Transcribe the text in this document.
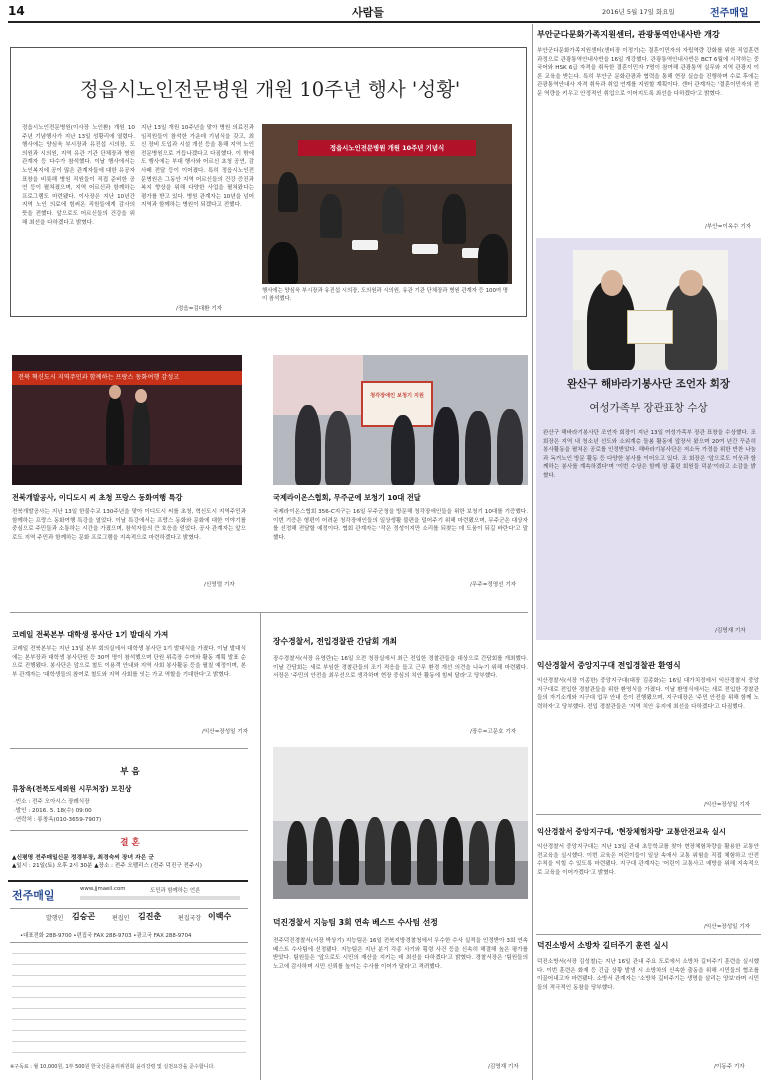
14	사람들	2016년 5월 17일 화요일	전주매일
정읍시노인전문병원 개원 10주년 행사 '성황'
정읍시노인전문병원(이사장 노인환) 개원 10주년 기념행사가 지난 13일 성황리에 열렸다. 행사에는 양심욱 부시장과 유진섭 시의장, 도의원과 시의원, 지역 유관 기관 단체장과 병원 관계자 등 다수가 참석했다. 이날 행사에서는 노인복지에 공이 많은 관계자들에 대한 유공자 표창을 비롯해 병원 직원들이 직접 준비한 공연 등이 펼쳐졌으며, 지역 어르신과 함께하는 프로그램도 마련됐다. 이사장은 지난 10년간 지역 노인 의료에 힘써온 직원들에게 감사의 뜻을 전했다. 앞으로도 어르신들의 건강을 위해 최선을 다하겠다고 밝혔다.
지난 13일 개원 10주년을 맞아 병원 의료진과 임직원들이 참석한 가운데 기념식을 갖고, 최신 장비 도입과 시설 개선 등을 통해 지역 노인 전문병원으로 거듭나겠다고 다짐했다. 이 밖에도 행사에는 부대 행사와 어르신 초청 공연, 감사패 전달 등이 이어졌다. 특히 정읍시노인전문병원은 그동안 지역 어르신들의 건강 증진과 복지 향상을 위해 다양한 사업을 펼쳐왔다는 평가를 받고 있다. 병원 관계자는 10년을 넘어 지역과 함께하는 병원이 되겠다고 전했다.
/정읍=김대환 기자
정읍시노인전문병원 개원 10주년 기념식
행사에는 양심욱 부시장과 유진섭 시의장, 도의원과 시의원, 유관 기관 단체장과 병원 관계자 등 100여 명이 참석했다.
부안군다문화가족지원센터, 관광통역안내사반 개강
부안군다문화가족지원센터(센터장 이정기)는 결혼이민자의 자립역량 강화를 위한 직업훈련 과정으로 관광통역안내사반을 16일 개강했다. 관광통역안내사반은 BCT 6월에 시작하는 중국어와 HSK 6급 자격을 취득한 결혼이민자 7명이 참여해 관광통역 실무와 지역 관광지 이론 교육을 받는다. 특히 부안군 문화관광과 협력을 통해 현장 실습을 진행하며 수료 후에는 관광통역안내사 자격 취득과 취업 연계를 지원할 계획이다. 센터 관계자는 '결혼이민자의 전문 역량을 키우고 안정적인 취업으로 이어지도록 최선을 다하겠다'고 밝혔다.
/부안=이옥수 기자
완산구 해바라기봉사단 조언자 회장
여성가족부 장관표창 수상
완산구 해바라기봉사단 조언자 회장이 지난 13일 여성가족부 장관 표창을 수상했다. 조 회장은 지역 내 청소년 선도와 소외계층 돌봄 활동에 앞장서 왔으며 20여 년간 꾸준히 봉사활동을 펼쳐온 공로를 인정받았다. 해바라기봉사단은 저소득 가정을 위한 반찬 나눔과 독거노인 방문 활동 등 다양한 봉사를 이어오고 있다. 조 회장은 '앞으로도 이웃과 함께하는 봉사를 계속하겠다'며 '이번 수상은 함께 땀 흘린 회원들 덕분'이라고 소감을 밝혔다.
/김명재 기자
전북 혁신도시 지역주민과 함께하는 프랑스 동화여행 감성고
전북개발공사, 이디도시 씨 초청 프랑스 동화여행 특강
전북개발공사는 지난 13일 한불수교 130주년을 맞아 이디도시 씨를 초청, 혁신도시 지역주민과 함께하는 프랑스 동화여행 특강을 열었다. 이날 특강에서는 프랑스 동화와 문화에 대한 이야기를 중심으로 주민들과 소통하는 시간을 가졌으며, 참석자들의 큰 호응을 얻었다. 공사 관계자는 앞으로도 지역 주민과 함께하는 문화 프로그램을 지속적으로 마련하겠다고 밝혔다.
/신영렬 기자
청각장애인 보청기 지원
국제라이온스협회, 무주군에 보청기 10대 전달
국제라이온스협회 356-C지구는 16일 무주군청을 방문해 청각장애인들을 위한 보청기 10대를 기증했다. 이번 기증은 형편이 어려운 청각장애인들의 일상생활 불편을 덜어주기 위해 마련됐으며, 무주군은 대상자를 선정해 전달할 예정이다. 협회 관계자는 '작은 정성이지만 소리를 되찾는 데 도움이 되길 바란다'고 말했다.
/무주=정영선 기자
코레일 전북본부 대학생 봉사단 1기 발대식 가져
코레일 전북본부는 지난 13일 본부 회의실에서 대학생 봉사단 1기 발대식을 가졌다. 이날 발대식에는 본부장과 대학생 봉사단원 등 30여 명이 참석했으며 단원 위촉장 수여와 활동 계획 발표 순으로 진행됐다. 봉사단은 앞으로 철도 이용객 안내와 지역 사회 봉사활동 등을 펼칠 예정이며, 본부 관계자는 '대학생들의 참여로 철도와 지역 사회를 잇는 가교 역할을 기대한다'고 밝혔다.
/익산=장성일 기자
장수경찰서, 전입경찰관 간담회 개최
장수경찰서(서장 유영란)는 16일 오전 청장실에서 최근 전입한 경찰관들을 대상으로 간담회를 개최했다. 이날 간담회는 새로 부임한 경찰관들의 조기 적응을 돕고 근무 환경 개선 의견을 나누기 위해 마련됐다. 서장은 '주민의 안전을 최우선으로 생각하며 현장 중심의 치안 활동에 힘써 달라'고 당부했다.
/장수=고문호 기자
부 음
류창옥(전북도세외원 시무처장) 모친상
·빈소 : 전주 오아시스 장례식장
·발인 : 2016. 5. 18(수) 09:00
·연락처 : 류창옥(010-3659-7907)
결 혼
▲신평명 전주매일신문 정경부장, 최경숙씨 장녀 자은 군
▲일시 : 21일(토) 오후 2시 30분 ▲장소 : 전주 오펠리스 (전주 덕진구 전주시)
전주매일	www.jjmaeil.com	도민과 함께하는 언론
발행인 김승곤	편집인 김진춘	편집국장 이백수
•대표전화 288-9700 •편집국 FAX 288-9703 •광고국 FAX 288-9704
※구독료 : 월 10,000원, 1부 500원 한국신문윤리위원회 윤리강령 및 실천요강을 준수합니다.
덕진경찰서 지능팀 3회 연속 베스트 수사팀 선정
전주덕진경찰서(서장 박상기) 지능팀은 16일 전북지방경찰청에서 우수한 수사 실적을 인정받아 3회 연속 베스트 수사팀에 선정됐다. 지능팀은 지난 분기 각종 사기와 횡령 사건 등을 신속히 해결해 높은 평가를 받았다. 팀원들은 '앞으로도 시민의 재산을 지키는 데 최선을 다하겠다'고 밝혔다. 경찰서장은 '팀원들의 노고에 감사하며 시민 신뢰를 높이는 수사를 이어가 달라'고 격려했다.
/김영재 기자
익산경찰서 중앙지구대 전입경찰관 환영식
익산경찰서(서장 이종한) 중앙지구대(대장 김종화)는 16일 대가치정에서 익산경찰서 중앙지구대로 전입한 경찰관들을 위한 환영식을 가졌다. 이날 환영식에서는 새로 전입한 경찰관들의 자기소개와 지구대 업무 안내 등이 진행됐으며, 지구대장은 '주민 안전을 위해 함께 노력하자'고 당부했다. 전입 경찰관들은 '지역 치안 유지에 최선을 다하겠다'고 다짐했다.
/익산=장성일 기자
익산경찰서 중앙지구대, '현장체험차량' 교통안전교육 실시
익산경찰서 중앙지구대는 지난 13일 관내 초등학교를 찾아 현장체험차량을 활용한 교통안전교육을 실시했다. 이번 교육은 어린이들이 일상 속에서 교통 위험을 직접 체험하고 안전 수칙을 익힐 수 있도록 마련됐다. 지구대 관계자는 '어린이 교통사고 예방을 위해 지속적으로 교육을 이어가겠다'고 밝혔다.
/익산=장성일 기자
덕진소방서 소방차 길터주기 훈련 실시
덕진소방서(서장 김성철)는 지난 16일 관내 주요 도로에서 소방차 길터주기 훈련을 실시했다. 이번 훈련은 화재 등 긴급 상황 발생 시 소방차의 신속한 출동을 위해 시민들의 협조를 이끌어내고자 마련됐다. 소방서 관계자는 '소방차 길터주기는 생명을 살리는 양보'라며 시민들의 적극적인 동참을 당부했다.
/이동주 기자
